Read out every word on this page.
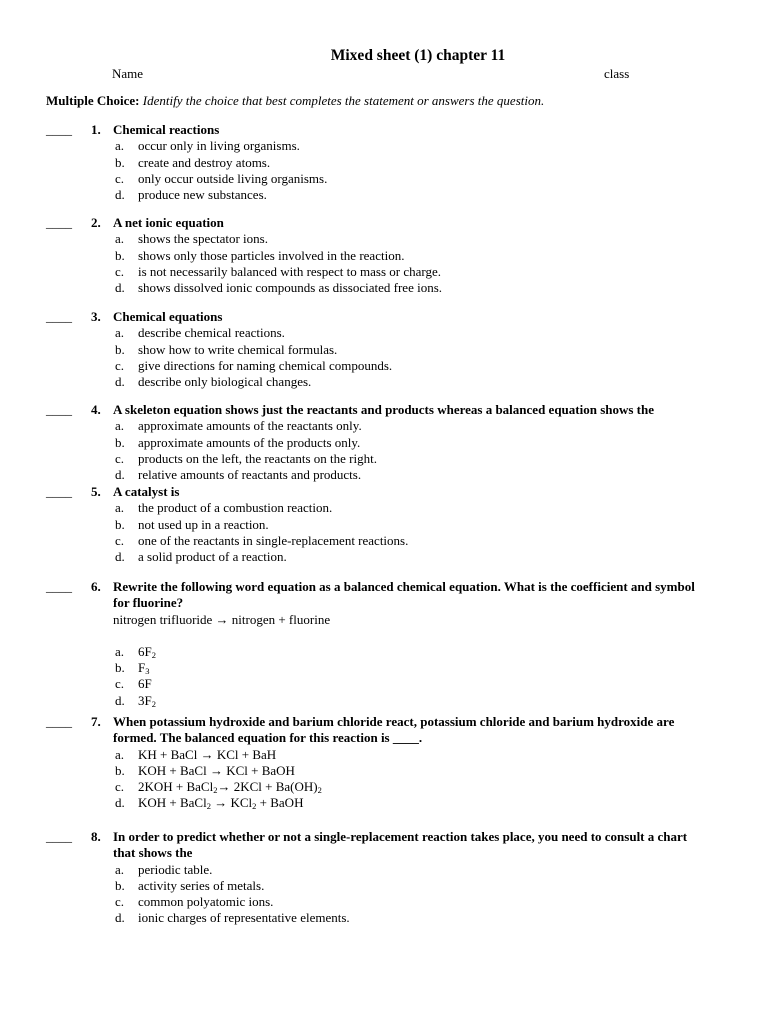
Mixed sheet (1) chapter 11
Name	class
Multiple Choice: Identify the choice that best completes the statement or answers the question.
____ 1. Chemical reactions
a.	occur only in living organisms.
b.	create and destroy atoms.
c.	only occur outside living organisms.
d.	produce new substances.
____ 2. A net ionic equation
a.	shows the spectator ions.
b.	shows only those particles involved in the reaction.
c.	is not necessarily balanced with respect to mass or charge.
d.	shows dissolved ionic compounds as dissociated free ions.
____ 3. Chemical equations
a.	describe chemical reactions.
b.	show how to write chemical formulas.
c.	give directions for naming chemical compounds.
d.	describe only biological changes.
____ 4. A skeleton equation shows just the reactants and products whereas a balanced equation shows the
a.	approximate amounts of the reactants only.
b.	approximate amounts of the products only.
c.	products on the left, the reactants on the right.
d.	relative amounts of reactants and products.
____ 5. A catalyst is
a.	the product of a combustion reaction.
b.	not used up in a reaction.
c.	one of the reactants in single-replacement reactions.
d.	a solid product of a reaction.
____ 6. Rewrite the following word equation as a balanced chemical equation. What is the coefficient and symbol for fluorine?
nitrogen trifluoride → nitrogen + fluorine
a.	$6F_2$
b.	$F_3$
c.	6F
d.	$3F_2$
____ 7. When potassium hydroxide and barium chloride react, potassium chloride and barium hydroxide are formed. The balanced equation for this reaction is ____.
a.	KH + BaCl → KCl + BaH
b.	KOH + BaCl → KCl + BaOH
c.	2KOH + BaCl$_2$→ $2KCl + Ba(OH)_2$
d.	KOH + BaCl$_2$ → KCl$_2$ + BaOH
____ 8. In order to predict whether or not a single-replacement reaction takes place, you need to consult a chart that shows the
a.	periodic table.
b.	activity series of metals.
c.	common polyatomic ions.
d.	ionic charges of representative elements.
